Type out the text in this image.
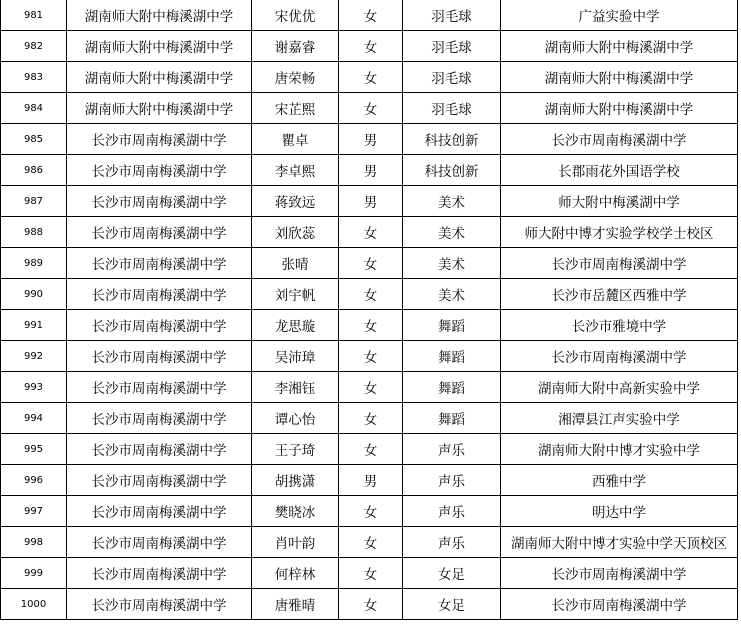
981	湖南师大附中梅溪湖中学	宋优优	女	羽毛球	广益实验中学
982	湖南师大附中梅溪湖中学	谢嘉睿	女	羽毛球	湖南师大附中梅溪湖中学
983	湖南师大附中梅溪湖中学	唐荣畅	女	羽毛球	湖南师大附中梅溪湖中学
984	湖南师大附中梅溪湖中学	宋芷熙	女	羽毛球	湖南师大附中梅溪湖中学
985	长沙市周南梅溪湖中学	瞿卓	男	科技创新	长沙市周南梅溪湖中学
986	长沙市周南梅溪湖中学	李卓熙	男	科技创新	长郡雨花外国语学校
987	长沙市周南梅溪湖中学	蒋致远	男	美术	师大附中梅溪湖中学
988	长沙市周南梅溪湖中学	刘欣蕊	女	美术	师大附中博才实验学校学士校区
989	长沙市周南梅溪湖中学	张晴	女	美术	长沙市周南梅溪湖中学
990	长沙市周南梅溪湖中学	刘宇帆	女	美术	长沙市岳麓区西雅中学
991	长沙市周南梅溪湖中学	龙思璇	女	舞蹈	长沙市雅境中学
992	长沙市周南梅溪湖中学	吴沛璋	女	舞蹈	长沙市周南梅溪湖中学
993	长沙市周南梅溪湖中学	李湘钰	女	舞蹈	湖南师大附中高新实验中学
994	长沙市周南梅溪湖中学	谭心怡	女	舞蹈	湘潭县江声实验中学
995	长沙市周南梅溪湖中学	王子琦	女	声乐	湖南师大附中博才实验中学
996	长沙市周南梅溪湖中学	胡携潇	男	声乐	西雅中学
997	长沙市周南梅溪湖中学	樊晓冰	女	声乐	明达中学
998	长沙市周南梅溪湖中学	肖叶韵	女	声乐	湖南师大附中博才实验中学天顶校区
999	长沙市周南梅溪湖中学	何梓林	女	女足	长沙市周南梅溪湖中学
1000	长沙市周南梅溪湖中学	唐雅晴	女	女足	长沙市周南梅溪湖中学
